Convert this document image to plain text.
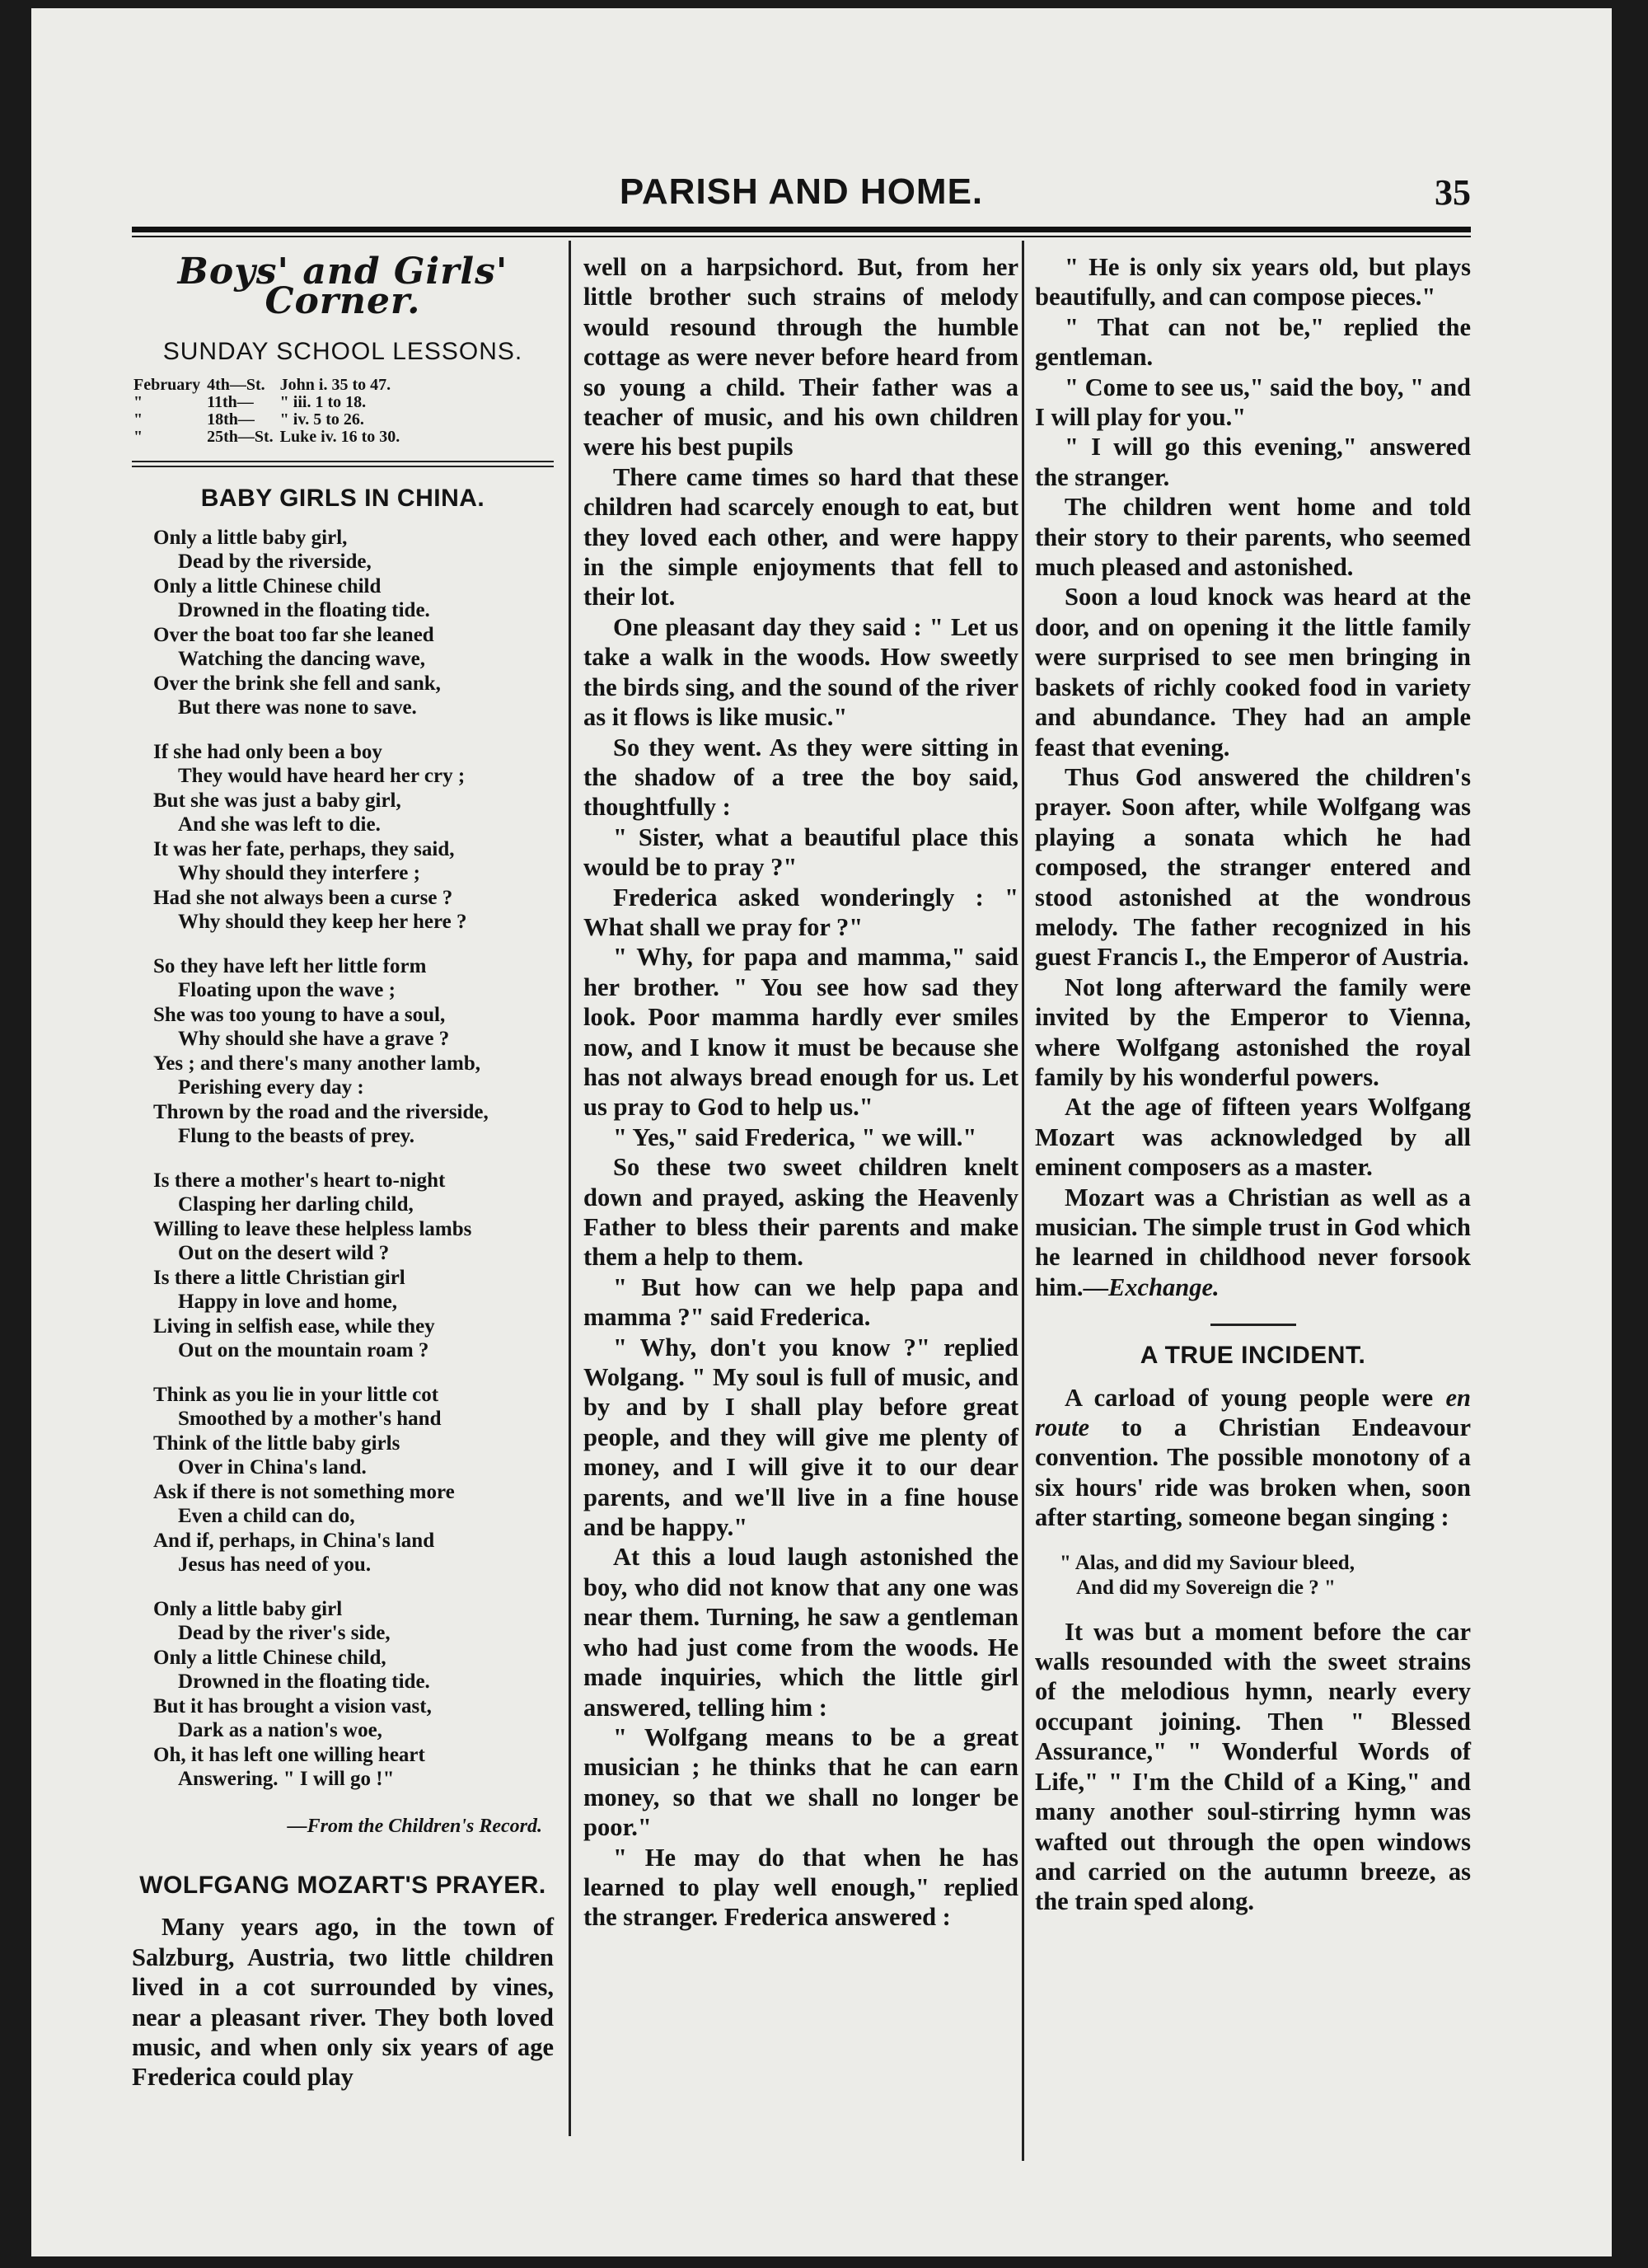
PARISH AND HOME.	35
Boys' and Girls' Corner.
SUNDAY SCHOOL LESSONS.
February	4th—St.	John i. 35 to 47.
"	11th—	" iii. 1 to 18.
"	18th—	" iv. 5 to 26.
"	25th—St.	Luke iv. 16 to 30.
BABY GIRLS IN CHINA.
Only a little baby girl,
Dead by the riverside,
Only a little Chinese child
Drowned in the floating tide.
Over the boat too far she leaned
Watching the dancing wave,
Over the brink she fell and sank,
But there was none to save.
If she had only been a boy
They would have heard her cry ;
But she was just a baby girl,
And she was left to die.
It was her fate, perhaps, they said,
Why should they interfere ;
Had she not always been a curse ?
Why should they keep her here ?
So they have left her little form
Floating upon the wave ;
She was too young to have a soul,
Why should she have a grave ?
Yes ; and there's many another lamb,
Perishing every day :
Thrown by the road and the riverside,
Flung to the beasts of prey.
Is there a mother's heart to-night
Clasping her darling child,
Willing to leave these helpless lambs
Out on the desert wild ?
Is there a little Christian girl
Happy in love and home,
Living in selfish ease, while they
Out on the mountain roam ?
Think as you lie in your little cot
Smoothed by a mother's hand
Think of the little baby girls
Over in China's land.
Ask if there is not something more
Even a child can do,
And if, perhaps, in China's land
Jesus has need of you.
Only a little baby girl
Dead by the river's side,
Only a little Chinese child,
Drowned in the floating tide.
But it has brought a vision vast,
Dark as a nation's woe,
Oh, it has left one willing heart
Answering. " I will go !"
—From the Children's Record.
WOLFGANG MOZART'S PRAYER.

Many years ago, in the town of Salzburg, Austria, two little children lived in a cot surrounded by vines, near a pleasant river. They both loved music, and when only six years of age Frederica could play

well on a harpsichord. But, from her little brother such strains of melody would resound through the humble cottage as were never before heard from so young a child. Their father was a teacher of music, and his own children were his best pupils

There came times so hard that these children had scarcely enough to eat, but they loved each other, and were happy in the simple enjoyments that fell to their lot.

One pleasant day they said : " Let us take a walk in the woods. How sweetly the birds sing, and the sound of the river as it flows is like music."

So they went. As they were sitting in the shadow of a tree the boy said, thoughtfully :

" Sister, what a beautiful place this would be to pray ?"

Frederica asked wonderingly : " What shall we pray for ?"

" Why, for papa and mamma," said her brother. " You see how sad they look. Poor mamma hardly ever smiles now, and I know it must be because she has not always bread enough for us. Let us pray to God to help us."

" Yes," said Frederica, " we will."

So these two sweet children knelt down and prayed, asking the Heavenly Father to bless their parents and make them a help to them.

" But how can we help papa and mamma ?" said Frederica.

" Why, don't you know ?" replied Wolgang. " My soul is full of music, and by and by I shall play before great people, and they will give me plenty of money, and I will give it to our dear parents, and we'll live in a fine house and be happy."

At this a loud laugh astonished the boy, who did not know that any one was near them. Turning, he saw a gentleman who had just come from the woods. He made inquiries, which the little girl answered, telling him :

" Wolfgang means to be a great musician ; he thinks that he can earn money, so that we shall no longer be poor."

" He may do that when he has learned to play well enough," replied the stranger. Frederica answered :

" He is only six years old, but plays beautifully, and can compose pieces."

" That can not be," replied the gentleman.

" Come to see us," said the boy, " and I will play for you."

" I will go this evening," answered the stranger.

The children went home and told their story to their parents, who seemed much pleased and astonished.

Soon a loud knock was heard at the door, and on opening it the little family were surprised to see men bringing in baskets of richly cooked food in variety and abundance. They had an ample feast that evening.

Thus God answered the children's prayer. Soon after, while Wolfgang was playing a sonata which he had composed, the stranger entered and stood astonished at the wondrous melody. The father recognized in his guest Francis I., the Emperor of Austria.

Not long afterward the family were invited by the Emperor to Vienna, where Wolfgang astonished the royal family by his wonderful powers.

At the age of fifteen years Wolfgang Mozart was acknowledged by all eminent composers as a master.

Mozart was a Christian as well as a musician. The simple trust in God which he learned in childhood never forsook him.—Exchange.

A TRUE INCIDENT.

A carload of young people were en route to a Christian Endeavour convention. The possible monotony of a six hours' ride was broken when, soon after starting, someone began singing :

" Alas, and did my Saviour bleed,
And did my Sovereign die ? "

It was but a moment before the car walls resounded with the sweet strains of the melodious hymn, nearly every occupant joining. Then " Blessed Assurance," " Wonderful Words of Life," " I'm the Child of a King," and many another soul-stirring hymn was wafted out through the open windows and carried on the autumn breeze, as the train sped along.
